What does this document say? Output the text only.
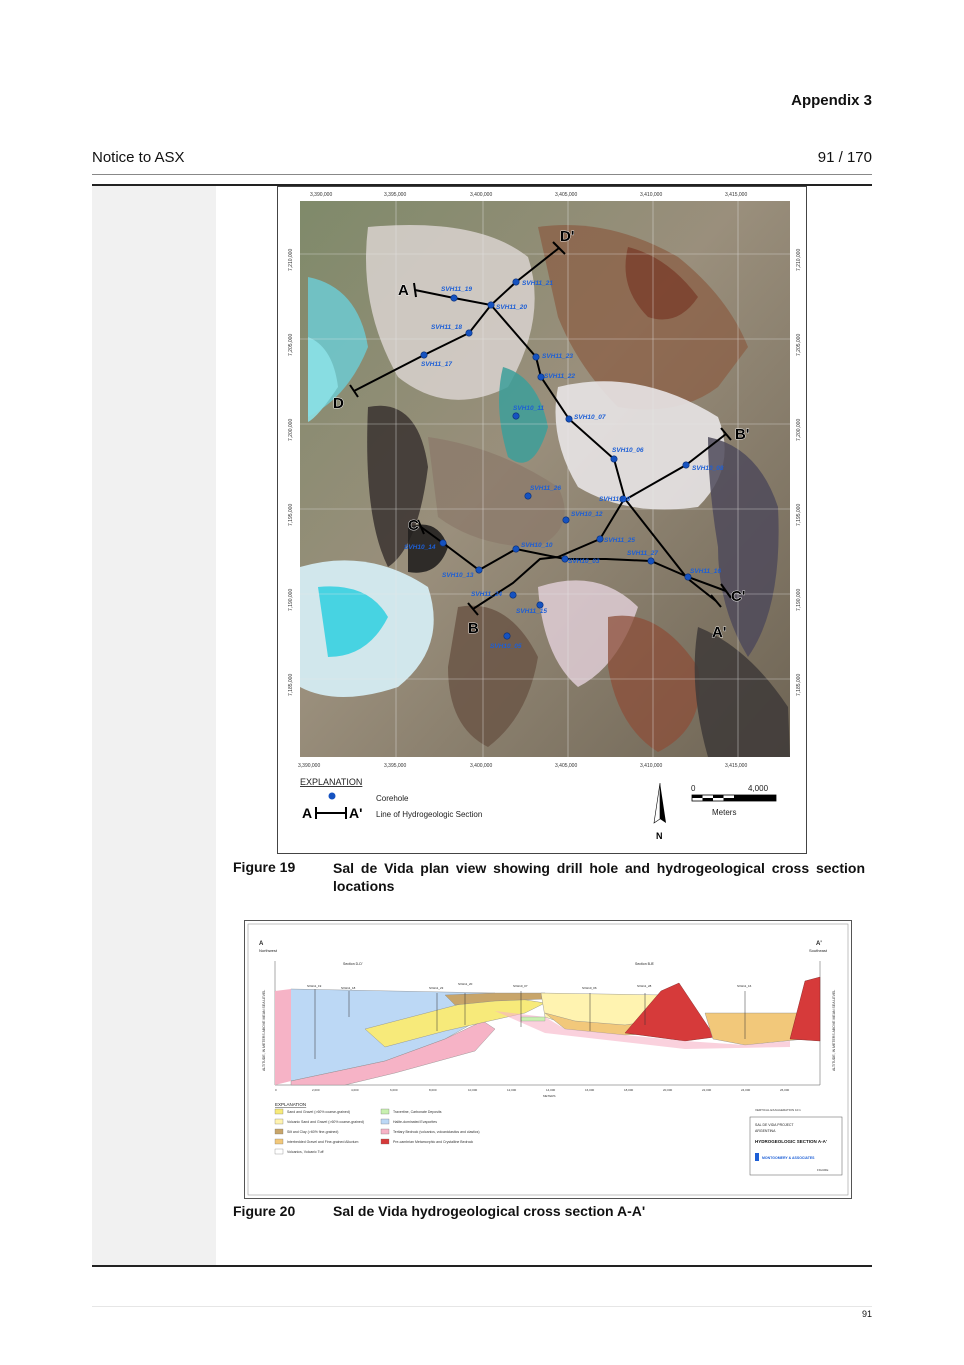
Appendix 3
Notice to ASX	91 / 170
3,390,000	3,395,000	3,400,000	3,405,000	3,410,000	3,415,000
3,390,000	3,395,000	3,400,000	3,405,000	3,410,000	3,415,000
7,210,000
7,205,000
7,200,000
7,195,000
7,190,000
7,185,000
7,210,000
7,205,000
7,200,000
7,195,000
7,190,000
7,185,000
SVH11_21
SVH11_19
SVH11_20
SVH11_18
SVH11_17
SVH11_23
SVH11_22
SVH10_11
SVH10_07
SVH10_06
SVH10_08
SVH11_26
SVH11_28
SVH10_12
SVH10_14	SVH10_10
SVH11_25
SVH11_27
SVH10_13
SVH10_03
SVH11_16
SVH11_24
SVH11_15
SVH10_05
D'
A
D
B'
C
B
C'
A'
EXPLANATION
Corehole
A	A' Line of Hydrogeologic Section
N
0	4,000
Meters
Figure 19	Sal de Vida plan view showing drill hole and hydrogeological cross section locations
A
Northwest
A'
Southeast
Section D-D'	Section B-B'
ALTITUDE, IN METERS ABOVE MEAN SEA LEVEL	ALTITUDE, IN METERS ABOVE MEAN SEA LEVEL
SVH11_19	SVH11_18	SVH11_23
SVH11_20	SVH10_07	SVH10_06	SVH11_28	SVH11_16
0	2,000	4,000	6,000	8,000	10,000	12,000	14,000	16,000	18,000	20,000	22,000	24,000	26,000
METERS
EXPLANATION
Sand and Gravel (>60% coarse-grained)
Volcanic Sand and Gravel (>60% coarse-grained)
Silt and Clay (>60% fine-grained)
Interbedded Gravel and Fine-grained Alluvium
Volcanics, Volcanic Tuff
Travertine, Carbonate Deposits
Halite-dominated Evaporites
Tertiary Bedrock (volcanics, volcaniclastics and clastics)
Pre-cambrian Metamorphic and Crystalline Bedrock
VERTICAL EXAGGERATION 10:1
SAL DE VIDA PROJECT
ARGENTINA
HYDROGEOLOGIC SECTION A-A'
MONTGOMERY & ASSOCIATES
FIGURE
Figure 20	Sal de Vida hydrogeological cross section A-A'
91
